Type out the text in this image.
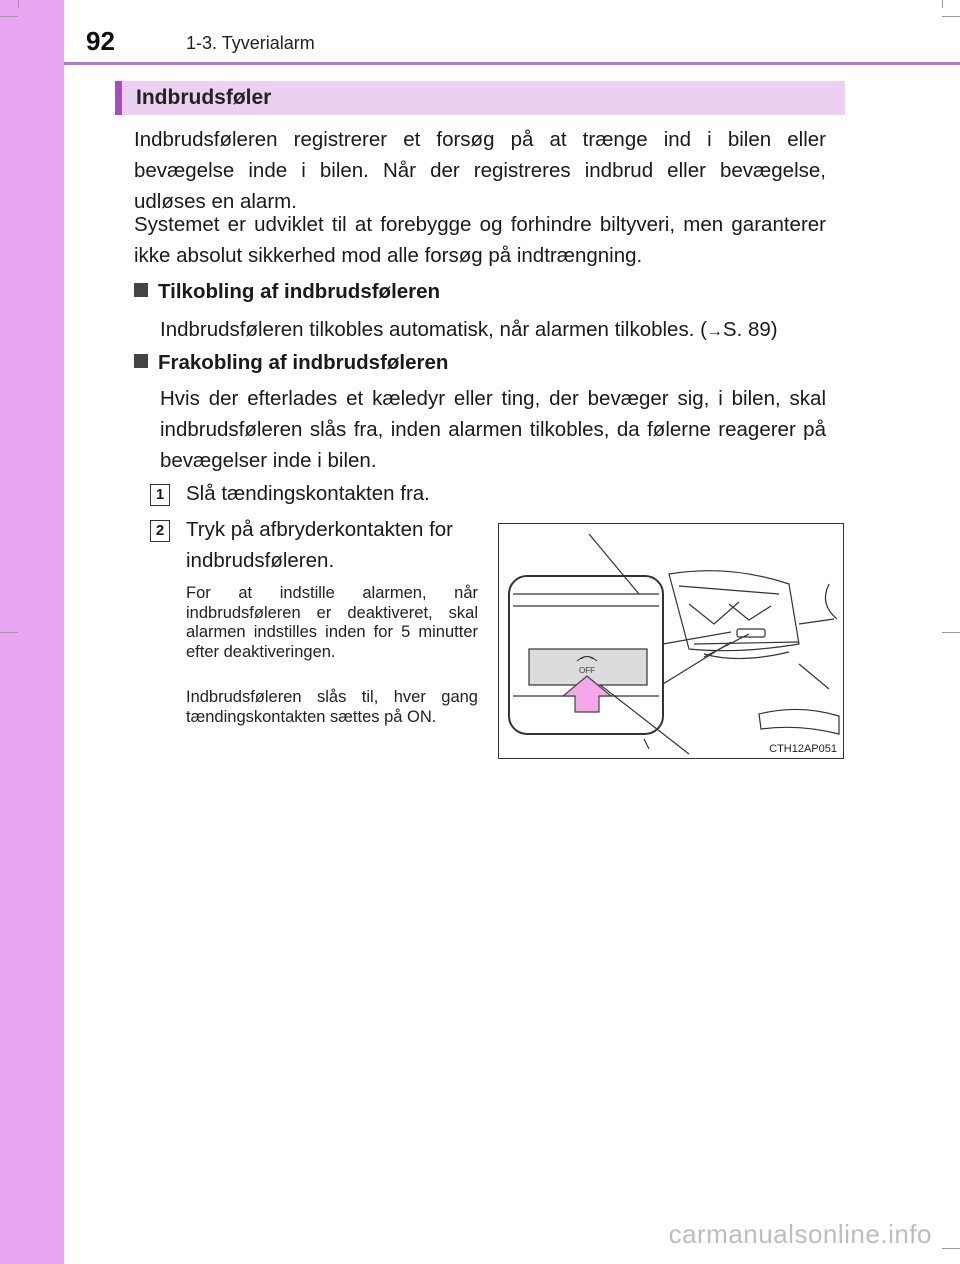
92	1-3. Tyverialarm
Indbrudsføler
Indbrudsføleren registrerer et forsøg på at trænge ind i bilen eller bevægelse inde i bilen. Når der registreres indbrud eller bevægelse, udløses en alarm.
Systemet er udviklet til at forebygge og forhindre biltyveri, men garanterer ikke absolut sikkerhed mod alle forsøg på indtrængning.
Tilkobling af indbrudsføleren
Indbrudsføleren tilkobles automatisk, når alarmen tilkobles. (→S. 89)
Frakobling af indbrudsføleren
Hvis der efterlades et kæledyr eller ting, der bevæger sig, i bilen, skal indbrudsføleren slås fra, inden alarmen tilkobles, da følerne reagerer på bevægelser inde i bilen.
1 Slå tændingskontakten fra.
2 Tryk på afbryderkontakten for
indbrudsføleren.
For at indstille alarmen, når indbrudsføleren er deaktiveret, skal alarmen indstilles inden for 5 minutter efter deaktiveringen.
Indbrudsføleren slås til, hver gang tændingskontakten sættes på ON.
OFF
CTH12AP051
carmanualsonline.info
